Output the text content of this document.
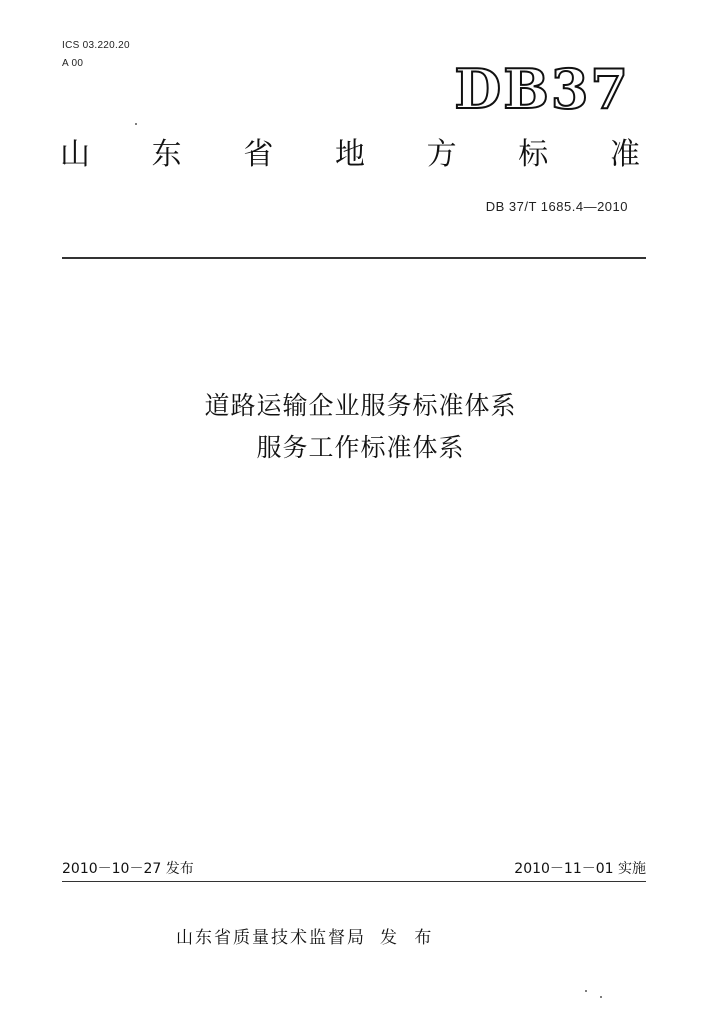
ICS 03.220.20
A 00	DB37
山 东 省 地 方 标 准
DB 37/T 1685.4—2010
道路运输企业服务标准体系
服务工作标准体系
2010－10－27 发布	2010－11－01 实施
山东省质量技术监督局 发 布
